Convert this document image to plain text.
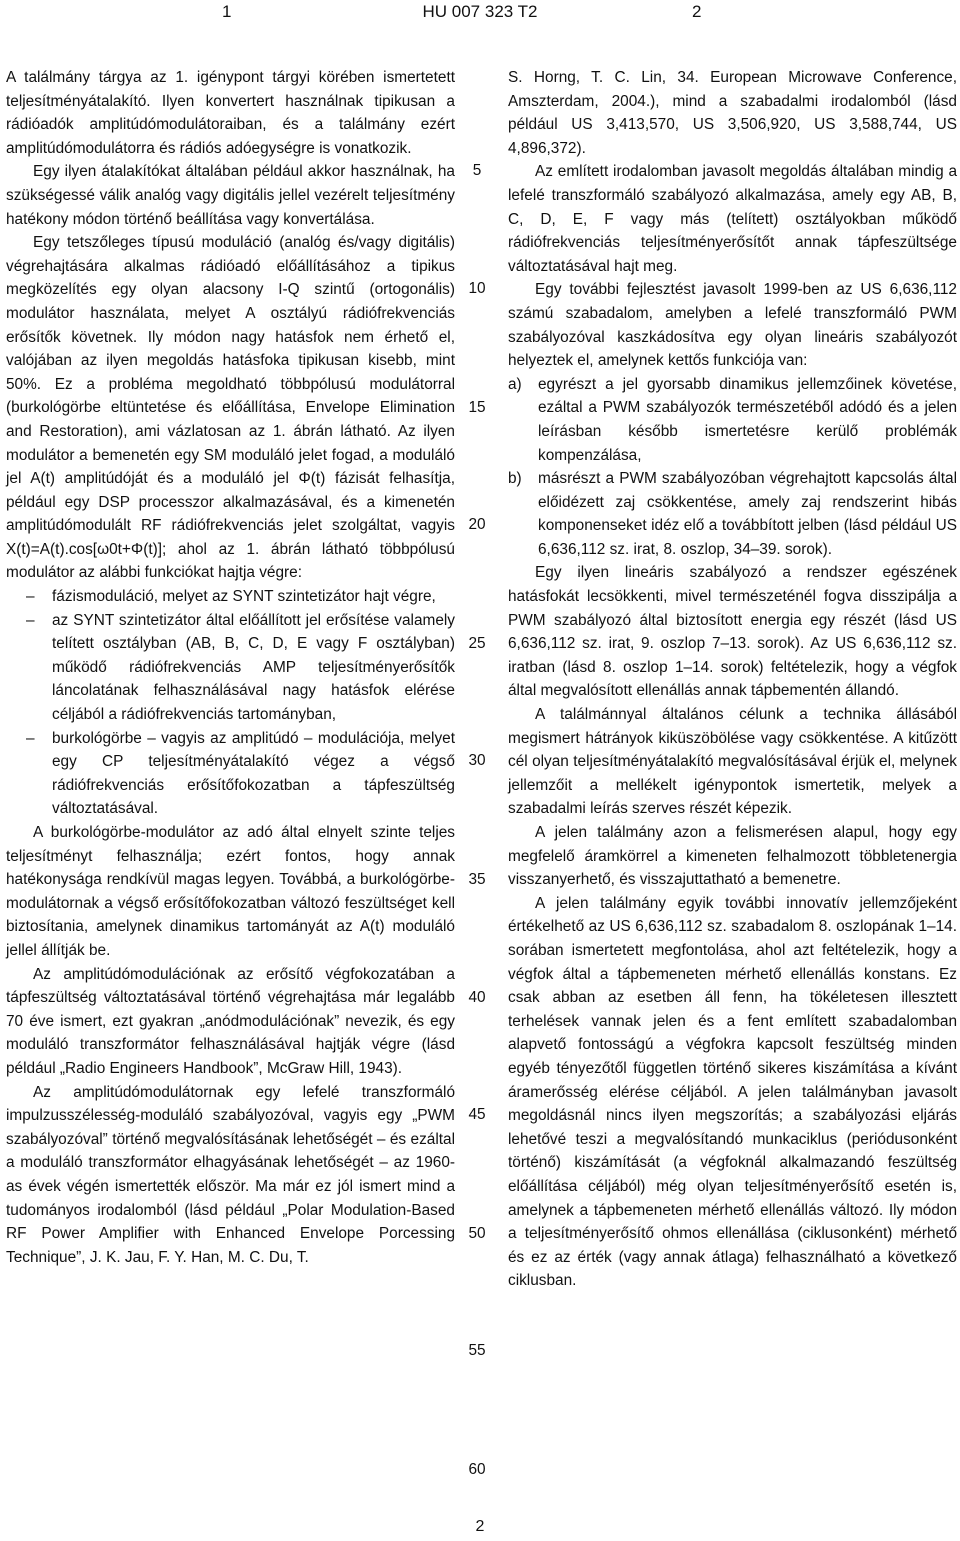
1	HU 007 323 T2	2

A találmány tárgya az 1. igénypont tárgyi körében ismertetett teljesítményátalakító. Ilyen konvertert használnak tipikusan a rádióadók amplitúdómodulátoraiban, és a találmány ezért amplitúdómodulátorra és rádiós adóegységre is vonatkozik.

Egy ilyen átalakítókat általában például akkor használnak, ha szükségessé válik analóg vagy digitális jellel vezérelt teljesítmény hatékony módon történő beállítása vagy konvertálása.

Egy tetszőleges típusú moduláció (analóg és/vagy digitális) végrehajtására alkalmas rádióadó előállításához a tipikus megközelítés egy olyan alacsony I-Q szintű (ortogonális) modulátor használata, melyet A osztályú rádiófrekvenciás erősítők követnek. Ily módon nagy hatásfok nem érhető el, valójában az ilyen megoldás hatásfoka tipikusan kisebb, mint 50%. Ez a probléma megoldható többpólusú modulátorral (burkológörbe eltüntetése és előállítása, Envelope Elimination and Restoration), ami vázlatosan az 1. ábrán látható. Az ilyen modulátor a bemenetén egy SM moduláló jelet fogad, a moduláló jel A(t) amplitúdóját és a moduláló jel Φ(t) fázisát felhasítja, például egy DSP processzor alkalmazásával, és a kimenetén amplitúdómodulált RF rádiófrekvenciás jelet szolgáltat, vagyis X(t)=A(t).cos[ω0t+Φ(t)]; ahol az 1. ábrán látható többpólusú modulátor az alábbi funkciókat hajtja végre:

– fázismoduláció, melyet az SYNT szintetizátor hajt végre,

– az SYNT szintetizátor által előállított jel erősítése valamely telített osztályban (AB, B, C, D, E vagy F osztályban) működő rádiófrekvenciás AMP teljesítményerősítők láncolatának felhasználásával nagy hatásfok elérése céljából a rádiófrekvenciás tartományban,

– burkológörbe – vagyis az amplitúdó – modulációja, melyet egy CP teljesítményátalakító végez a végső rádiófrekvenciás erősítőfokozatban a tápfeszültség változtatásával.

A burkológörbe-modulátor az adó által elnyelt szinte teljes teljesítményt felhasználja; ezért fontos, hogy annak hatékonysága rendkívül magas legyen. Továbbá, a burkológörbe-modulátornak a végső erősítőfokozatban változó feszültséget kell biztosítania, amelynek dinamikus tartományát az A(t) moduláló jellel állítják be.

Az amplitúdómodulációnak az erősítő végfokozatában a tápfeszültség változtatásával történő végrehajtása már legalább 70 éve ismert, ezt gyakran „anódmodulációnak” nevezik, és egy moduláló transzformátor felhasználásával hajtják végre (lásd például „Radio Engineers Handbook”, McGraw Hill, 1943).

Az amplitúdómodulátornak egy lefelé transzformáló impulzusszélesség-moduláló szabályozóval, vagyis egy „PWM szabályozóval” történő megvalósításának lehetőségét – és ezáltal a moduláló transzformátor elhagyásának lehetőségét – az 1960-as évek végén ismertették először. Ma már ez jól ismert mind a tudományos irodalomból (lásd például „Polar Modulation-Based RF Power Amplifier with Enhanced Envelope Porcessing Technique”, J. K. Jau, F. Y. Han, M. C. Du, T.

S. Horng, T. C. Lin, 34. European Microwave Conference, Amszterdam, 2004.), mind a szabadalmi irodalomból (lásd például US 3,413,570, US 3,506,920, US 3,588,744, US 4,896,372).

Az említett irodalomban javasolt megoldás általában mindig a lefelé transzformáló szabályozó alkalmazása, amely egy AB, B, C, D, E, F vagy más (telített) osztályokban működő rádiófrekvenciás teljesítményerősítőt annak tápfeszültsége változtatásával hajt meg.

Egy további fejlesztést javasolt 1999-ben az US 6,636,112 számú szabadalom, amelyben a lefelé transzformáló PWM szabályozóval kaszkádosítva egy olyan lineáris szabályozót helyeztek el, amelynek kettős funkciója van:

a) egyrészt a jel gyorsabb dinamikus jellemzőinek követése, ezáltal a PWM szabályozók természetéből adódó és a jelen leírásban később ismertetésre kerülő problémák kompenzálása,

b) másrészt a PWM szabályozóban végrehajtott kapcsolás által előidézett zaj csökkentése, amely zaj rendszerint hibás komponenseket idéz elő a továbbított jelben (lásd például US 6,636,112 sz. irat, 8. oszlop, 34–39. sorok).

Egy ilyen lineáris szabályozó a rendszer egészének hatásfokát lecsökkenti, mivel természeténél fogva disszipálja a PWM szabályozó által biztosított energia egy részét (lásd US 6,636,112 sz. irat, 9. oszlop 7–13. sorok). Az US 6,636,112 sz. iratban (lásd 8. oszlop 1–14. sorok) feltételezik, hogy a végfok által megvalósított ellenállás annak tápbementén állandó.

A találmánnyal általános célunk a technika állásából megismert hátrányok kiküszöbölése vagy csökkentése. A kitűzött cél olyan teljesítményátalakító megvalósításával érjük el, melynek jellemzőit a mellékelt igénypontok ismertetik, melyek a szabadalmi leírás szerves részét képezik.

A jelen találmány azon a felismerésen alapul, hogy egy megfelelő áramkörrel a kimeneten felhalmozott többletenergia visszanyerhető, és visszajuttatható a bemenetre.

A jelen találmány egyik további innovatív jellemzőjeként értékelhető az US 6,636,112 sz. szabadalom 8. oszlopának 1–14. sorában ismertetett megfontolása, ahol azt feltételezik, hogy a végfok által a tápbemeneten mérhető ellenállás konstans. Ez csak abban az esetben áll fenn, ha tökéletesen illesztett terhelések vannak jelen és a fent említett szabadalomban alapvető fontosságú a végfokra kapcsolt feszültség minden egyéb tényezőtől független történő sikeres kiszámítása a kívánt áramerősség elérése céljából. A jelen találmányban javasolt megoldásnál nincs ilyen megszorítás; a szabályozási eljárás lehetővé teszi a megvalósítandó munkaciklus (periódusonként történő) kiszámítását (a végfoknál alkalmazandó feszültség előállítása céljából) még olyan teljesítményerősítő esetén is, amelynek a tápbemeneten mérhető ellenállás változó. Ily módon a teljesítményerősítő ohmos ellenállása (ciklusonként) mérhető és ez az érték (vagy annak átlaga) felhasználható a következő ciklusban.

5
10
15
20
25
30
35
40
45
50
55
60
2
